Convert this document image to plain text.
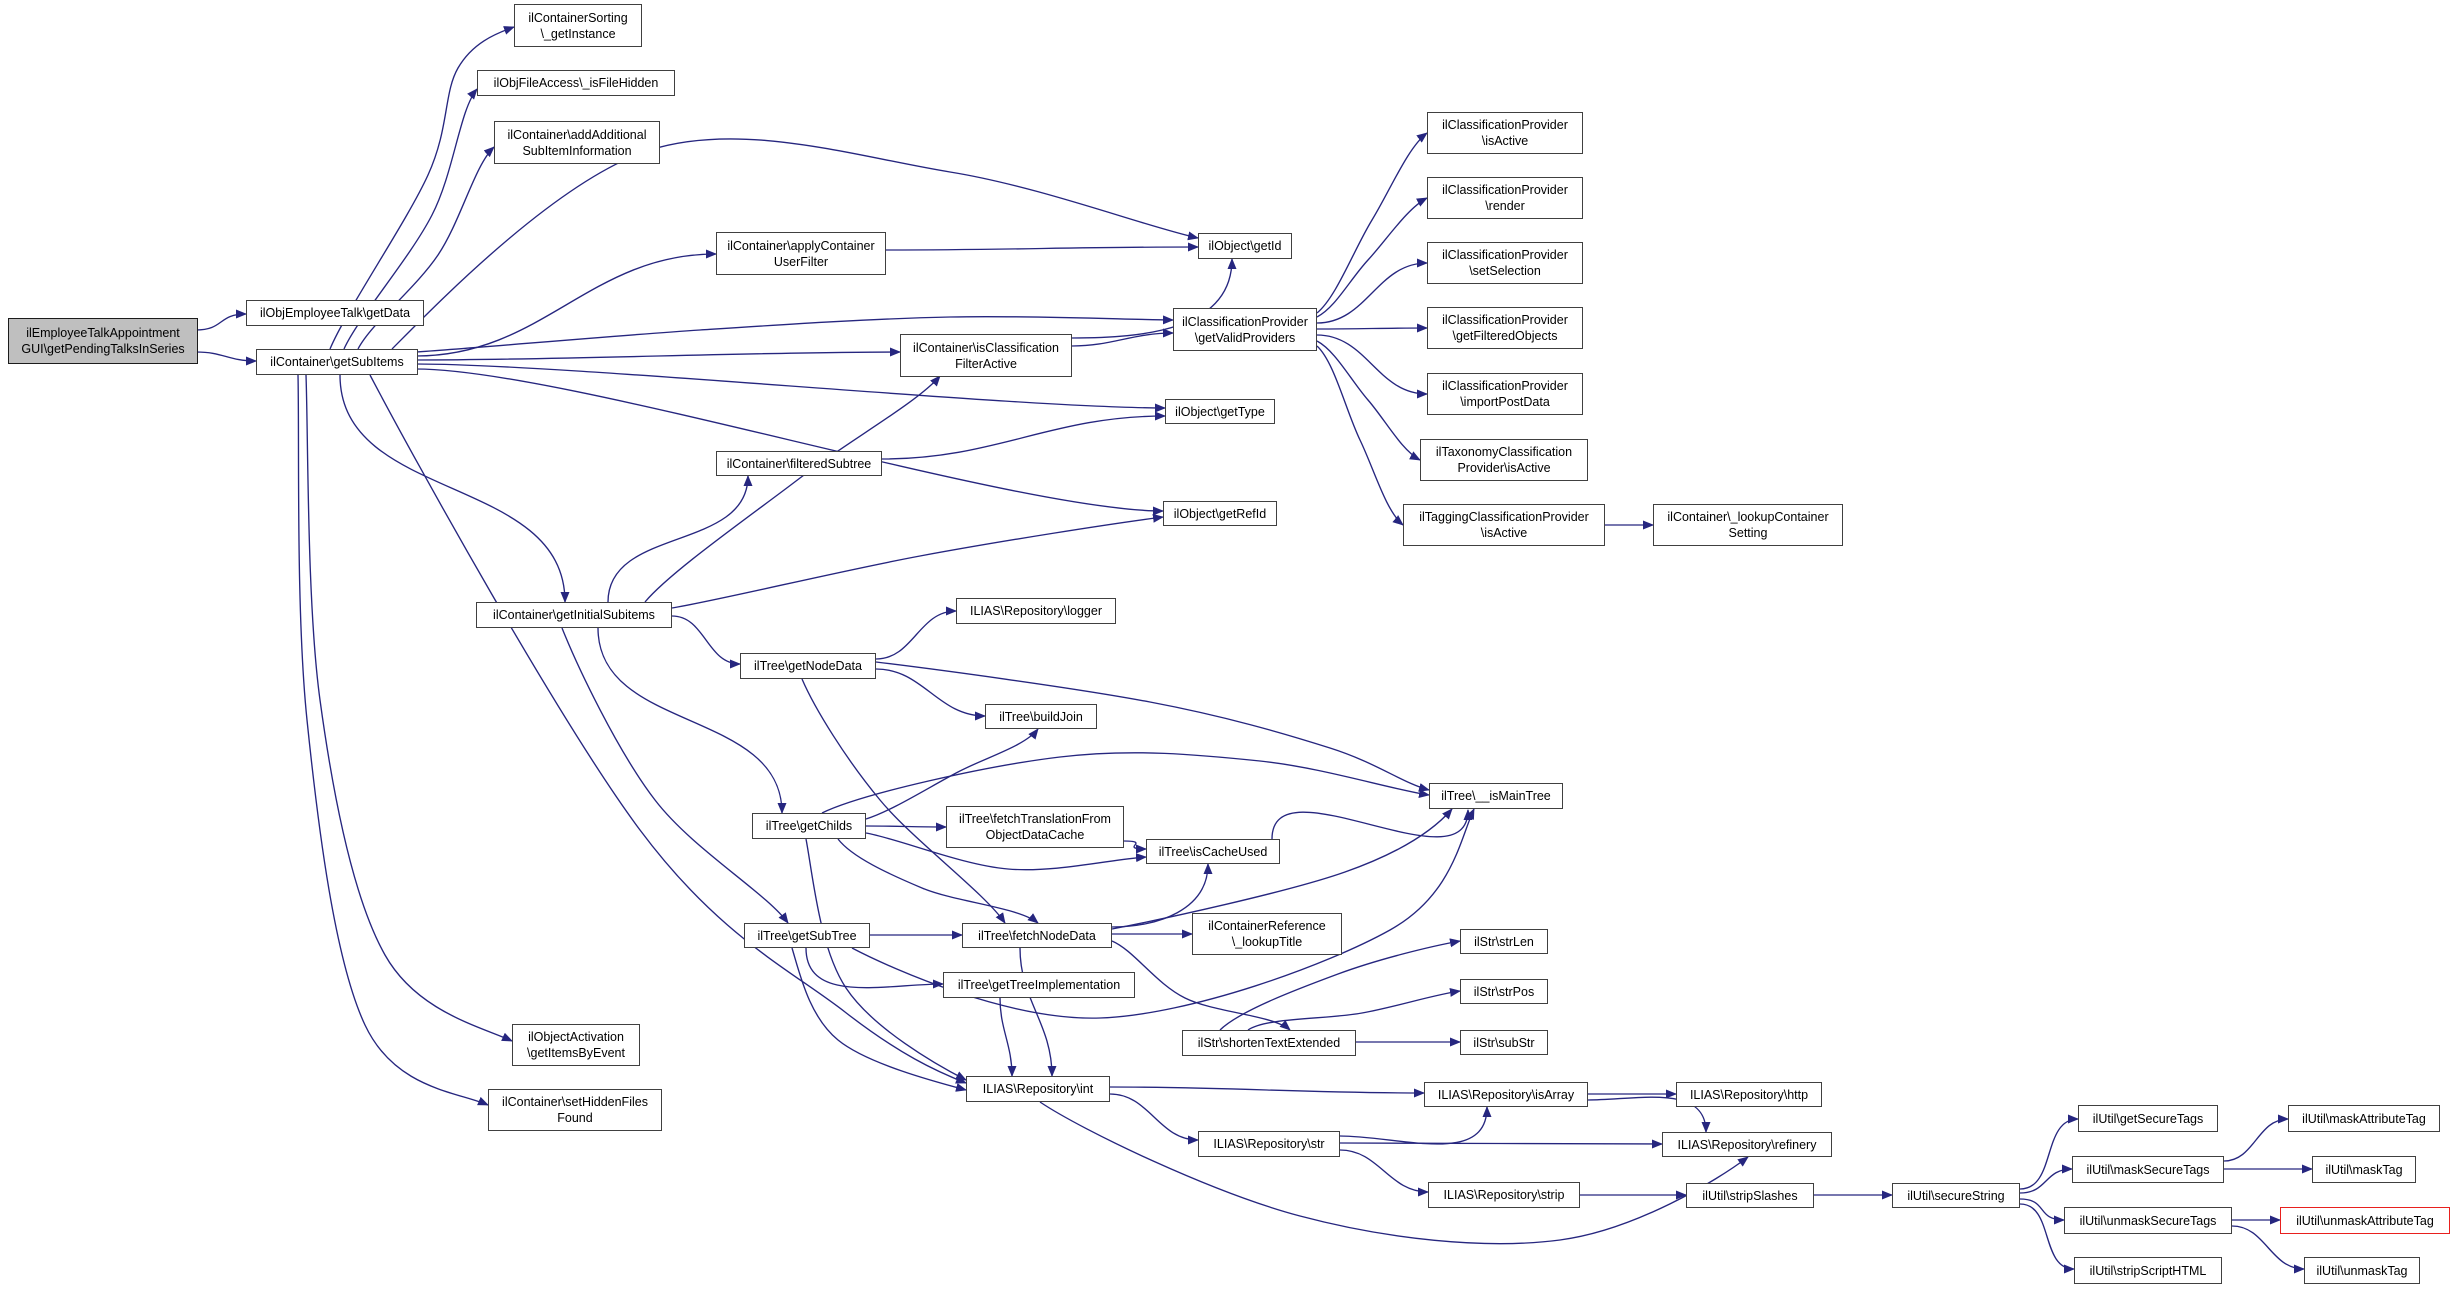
ilEmployeeTalkAppointment
GUI\getPendingTalksInSeries
ilObjEmployeeTalk\getData
ilContainer\getSubItems
ilContainerSorting
\_getInstance
ilObjFileAccess\_isFileHidden
ilContainer\addAdditional
SubItemInformation
ilContainer\applyContainer
UserFilter
ilObject\getId
ilContainer\isClassification
FilterActive
ilClassificationProvider
\getValidProviders
ilObject\getType
ilContainer\filteredSubtree
ilObject\getRefId
ilClassificationProvider
\isActive
ilClassificationProvider
\render
ilClassificationProvider
\setSelection
ilClassificationProvider
\getFilteredObjects
ilClassificationProvider
\importPostData
ilTaxonomyClassification
Provider\isActive
ilTaggingClassificationProvider
\isActive
ilContainer\_lookupContainer
Setting
ilContainer\getInitialSubitems	ILIAS\Repository\logger
ilTree\getNodeData
ilTree\buildJoin
ilTree\__isMainTree
ilTree\getChilds	ilTree\fetchTranslationFrom
ObjectDataCache
ilTree\isCacheUsed
ilTree\getSubTree	ilTree\fetchNodeData
ilContainerReference
\_lookupTitle
ilTree\getTreeImplementation
ilStr\strLen
ilStr\strPos
ilStr\subStr
ilStr\shortenTextExtended
ilObjectActivation
\getItemsByEvent
ilContainer\setHiddenFiles
Found
ILIAS\Repository\int	ILIAS\Repository\isArray	ILIAS\Repository\http
ILIAS\Repository\refinery
ILIAS\Repository\str
ILIAS\Repository\strip	ilUtil\stripSlashes	ilUtil\secureString
ilUtil\getSecureTags
ilUtil\maskSecureTags
ilUtil\unmaskSecureTags
ilUtil\stripScriptHTML
ilUtil\maskAttributeTag
ilUtil\maskTag
ilUtil\unmaskAttributeTag
ilUtil\unmaskTag
